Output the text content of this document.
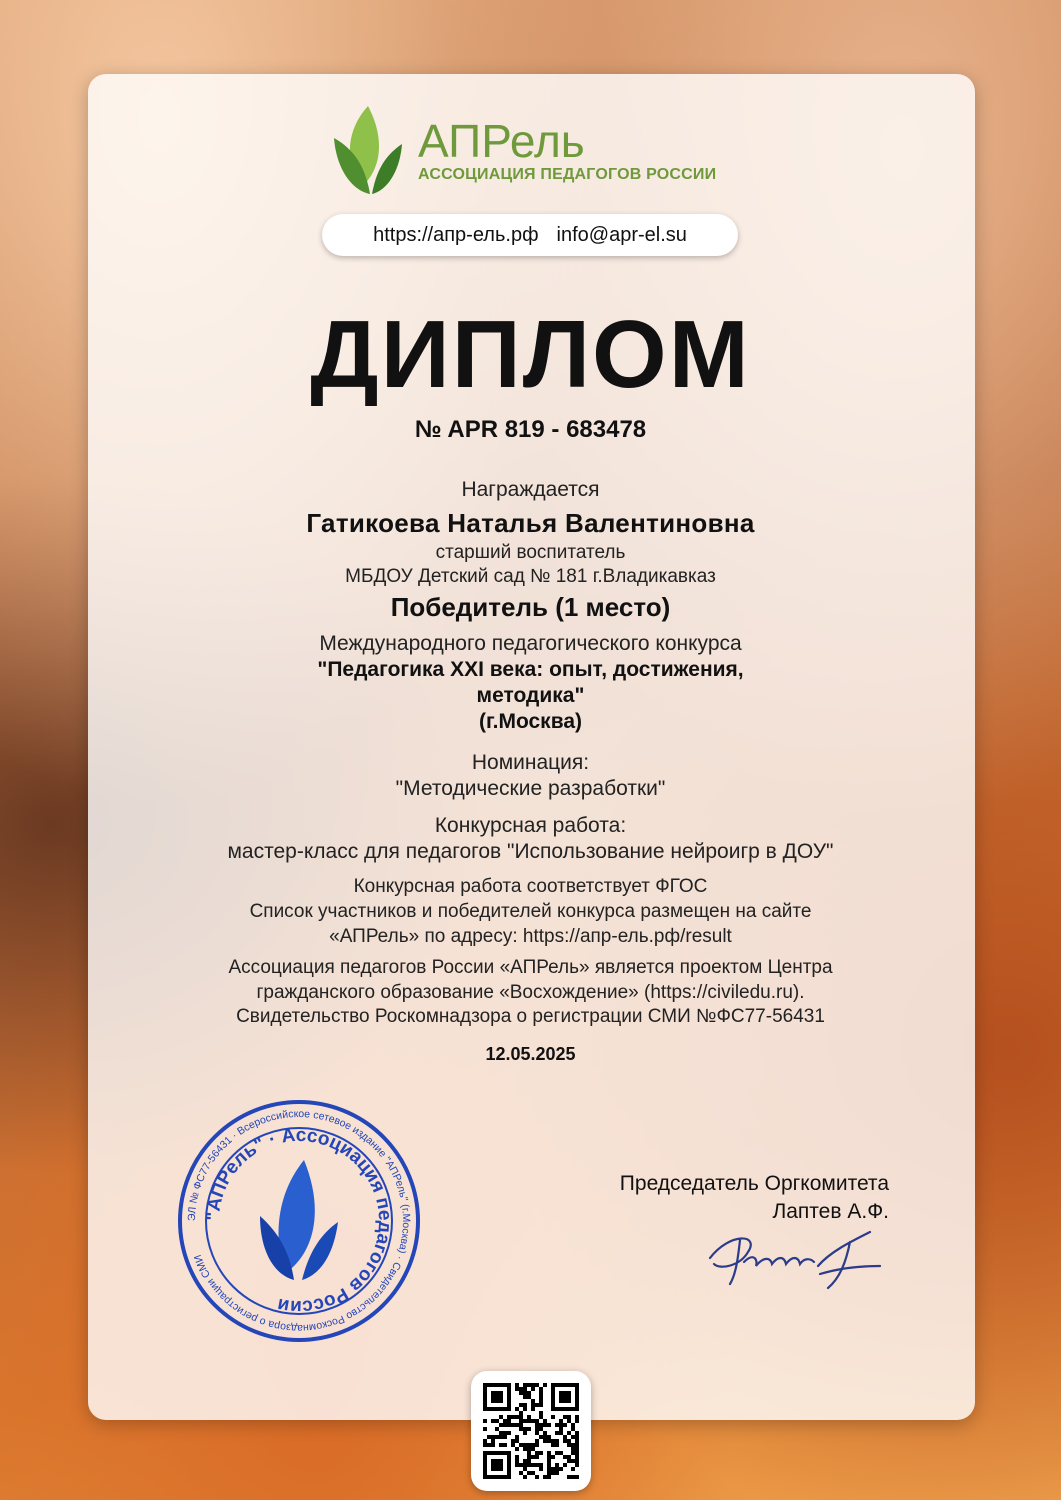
АПРель
АССОЦИАЦИЯ ПЕДАГОГОВ РОССИИ
https://апр-ель.рф info@apr-el.su
ДИПЛОМ
№ APR 819 - 683478
Награждается
Гатикоева Наталья Валентиновна
старший воспитатель
МБДОУ Детский сад № 181 г.Владикавказ
Победитель (1 место)
Международного педагогического конкурса
"Педагогика XXI века: опыт, достижения,
методика"
(г.Москва)
Номинация:
"Методические разработки"
Конкурсная работа:
мастер-класс для педагогов "Использование нейроигр в ДОУ"
Конкурсная работа соответствует ФГОС
Список участников и победителей конкурса размещен на сайте
«АПРель» по адресу: https://апр-ель.рф/result
Ассоциация педагогов России «АПРель» является проектом Центра
гражданского образование «Восхождение» (https://civiledu.ru).
Свидетельство Роскомнадзора о регистрации СМИ №ФС77-56431
12.05.2025
ЭЛ № ФС77-56431 · Всероссийское сетевое издание "АПРель" (г.Москва) · Свидетельство Роскомнадзора о регистрации СМИ
"АПРель" · Ассоциация педагогов России
Председатель Оргкомитета
Лаптев А.Ф.
